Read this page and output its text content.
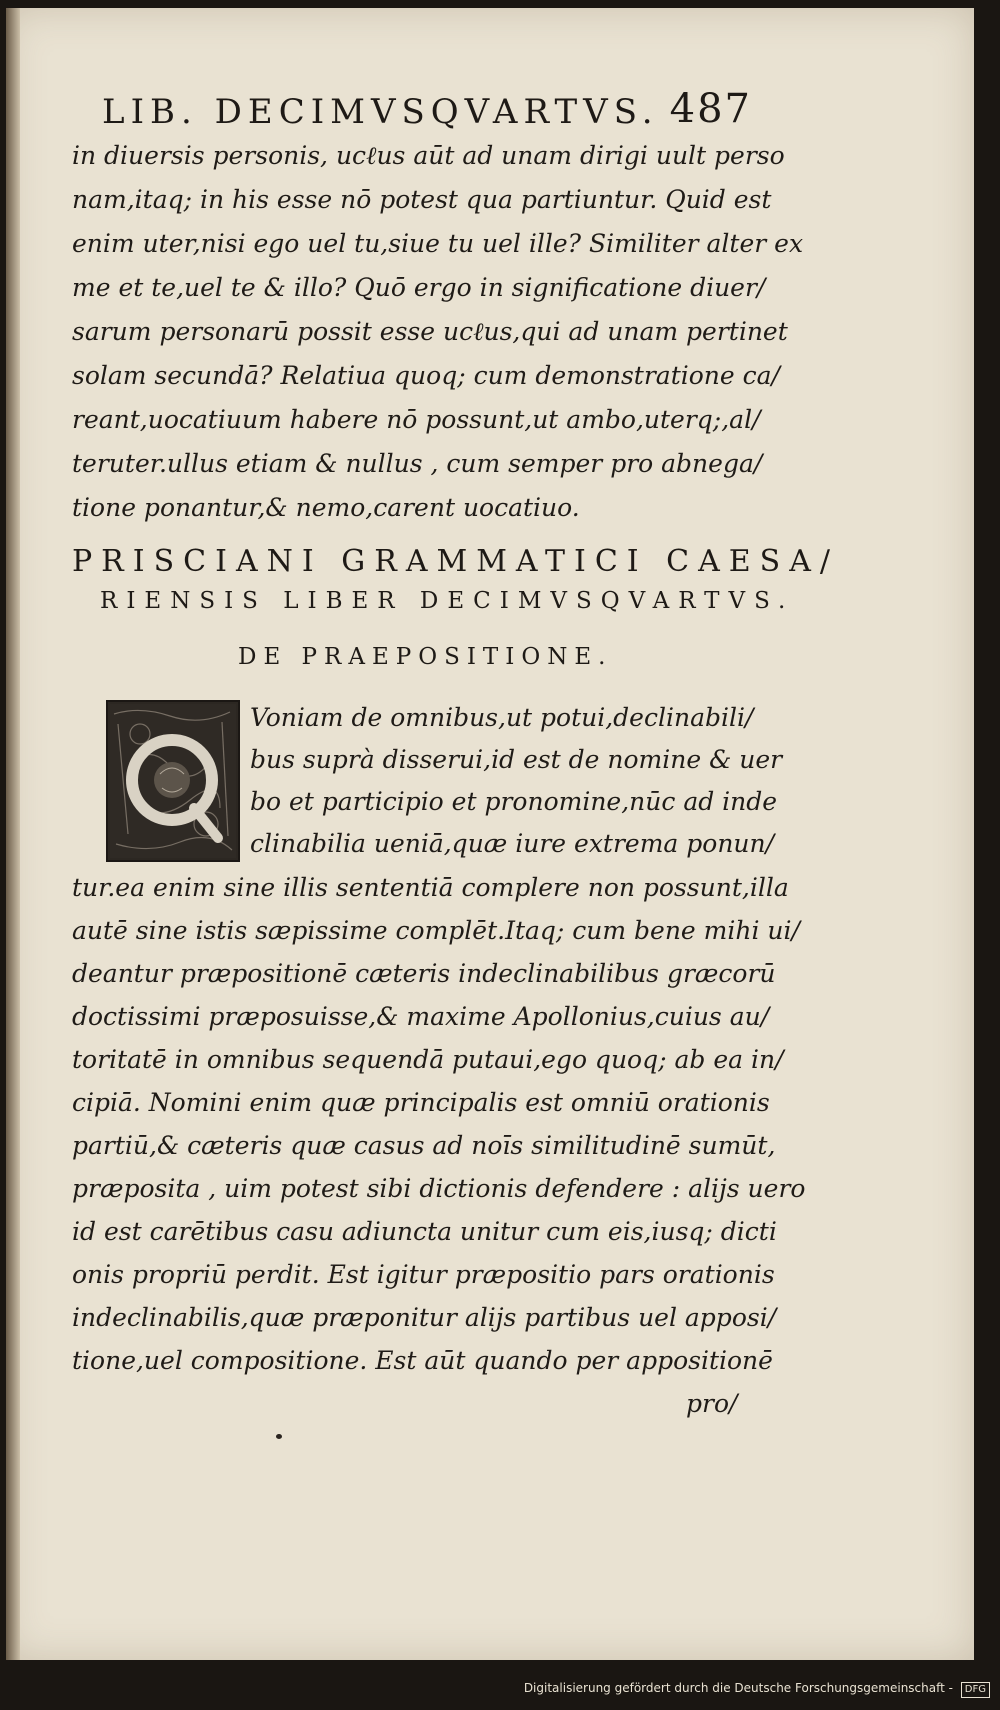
LIB. DECIMVSQVARTVS. 487
in diuersis personis, ucℓus aūt ad unam dirigi uult perso
nam,itaq; in his esse nō potest qua partiuntur. Quid est
enim uter,nisi ego uel tu,siue tu uel ille? Similiter alter ex
me et te,uel te & illo? Quō ergo in significatione diuer/
sarum personarū possit esse ucℓus,qui ad unam pertinet
solam secundā? Relatiua quoq; cum demonstratione ca/
reant,uocatiuum habere nō possunt,ut ambo,uterq;,al/
teruter.ullus etiam & nullus , cum semper pro abnega/
tione ponantur,& nemo,carent uocatiuo.
PRISCIANI GRAMMATICI CAESA/
RIENSIS LIBER DECIMVSQVARTVS.
DE PRAEPOSITIONE.
Voniam de omnibus,ut potui,declinabili/
bus suprà disserui,id est de nomine & uer
bo et participio et pronomine,nūc ad inde
clinabilia ueniā,quæ iure extrema ponun/
tur.ea enim sine illis sententiā complere non possunt,illa
autē sine istis sæpissime complēt.Itaq; cum bene mihi ui/
deantur præpositionē cæteris indeclinabilibus græcorū
doctissimi præposuisse,& maxime Apollonius,cuius au/
toritatē in omnibus sequendā putaui,ego quoq; ab ea in/
cipiā. Nomini enim quæ principalis est omniū orationis
partiū,& cæteris quæ casus ad noīs similitudinē sumūt,
præposita , uim potest sibi dictionis defendere : alijs uero
id est carētibus casu adiuncta unitur cum eis,iusq; dicti
onis propriū perdit. Est igitur præpositio pars orationis
indeclinabilis,quæ præponitur alijs partibus uel apposi/
tione,uel compositione. Est aūt quando per appositionē
pro/
Digitalisierung gefördert durch die Deutsche Forschungsgemeinschaft - DFG
